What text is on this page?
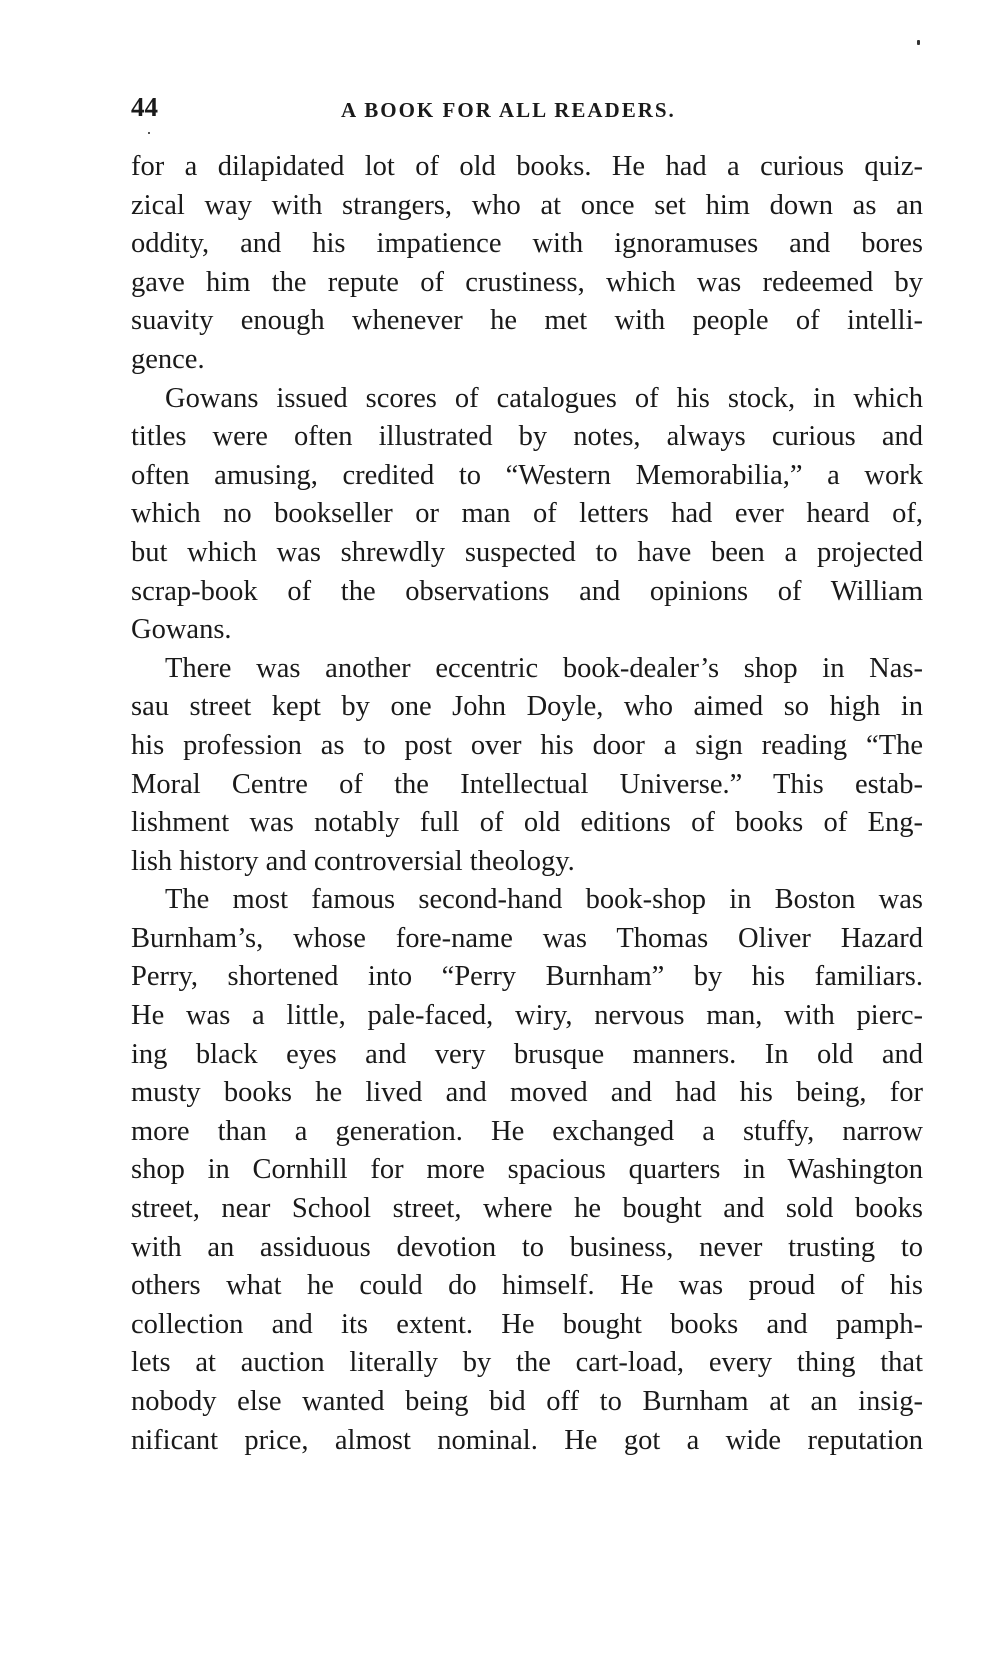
44	A BOOK FOR ALL READERS.

for a dilapidated lot of old books. He had a curious quiz-
zical way with strangers, who at once set him down as an
oddity, and his impatience with ignoramuses and bores
gave him the repute of crustiness, which was redeemed by
suavity enough whenever he met with people of intelli-
gence.

Gowans issued scores of catalogues of his stock, in which
titles were often illustrated by notes, always curious and
often amusing, credited to “Western Memorabilia,” a work
which no bookseller or man of letters had ever heard of,
but which was shrewdly suspected to have been a projected
scrap-book of the observations and opinions of William
Gowans.

There was another eccentric book-dealer’s shop in Nas-
sau street kept by one John Doyle, who aimed so high in
his profession as to post over his door a sign reading “The
Moral Centre of the Intellectual Universe.” This estab-
lishment was notably full of old editions of books of Eng-
lish history and controversial theology.

The most famous second-hand book-shop in Boston was
Burnham’s, whose fore-name was Thomas Oliver Hazard
Perry, shortened into “Perry Burnham” by his familiars.
He was a little, pale-faced, wiry, nervous man, with pierc-
ing black eyes and very brusque manners. In old and
musty books he lived and moved and had his being, for
more than a generation. He exchanged a stuffy, narrow
shop in Cornhill for more spacious quarters in Washington
street, near School street, where he bought and sold books
with an assiduous devotion to business, never trusting to
others what he could do himself. He was proud of his
collection and its extent. He bought books and pamph-
lets at auction literally by the cart-load, every thing that
nobody else wanted being bid off to Burnham at an insig-
nificant price, almost nominal. He got a wide reputation
